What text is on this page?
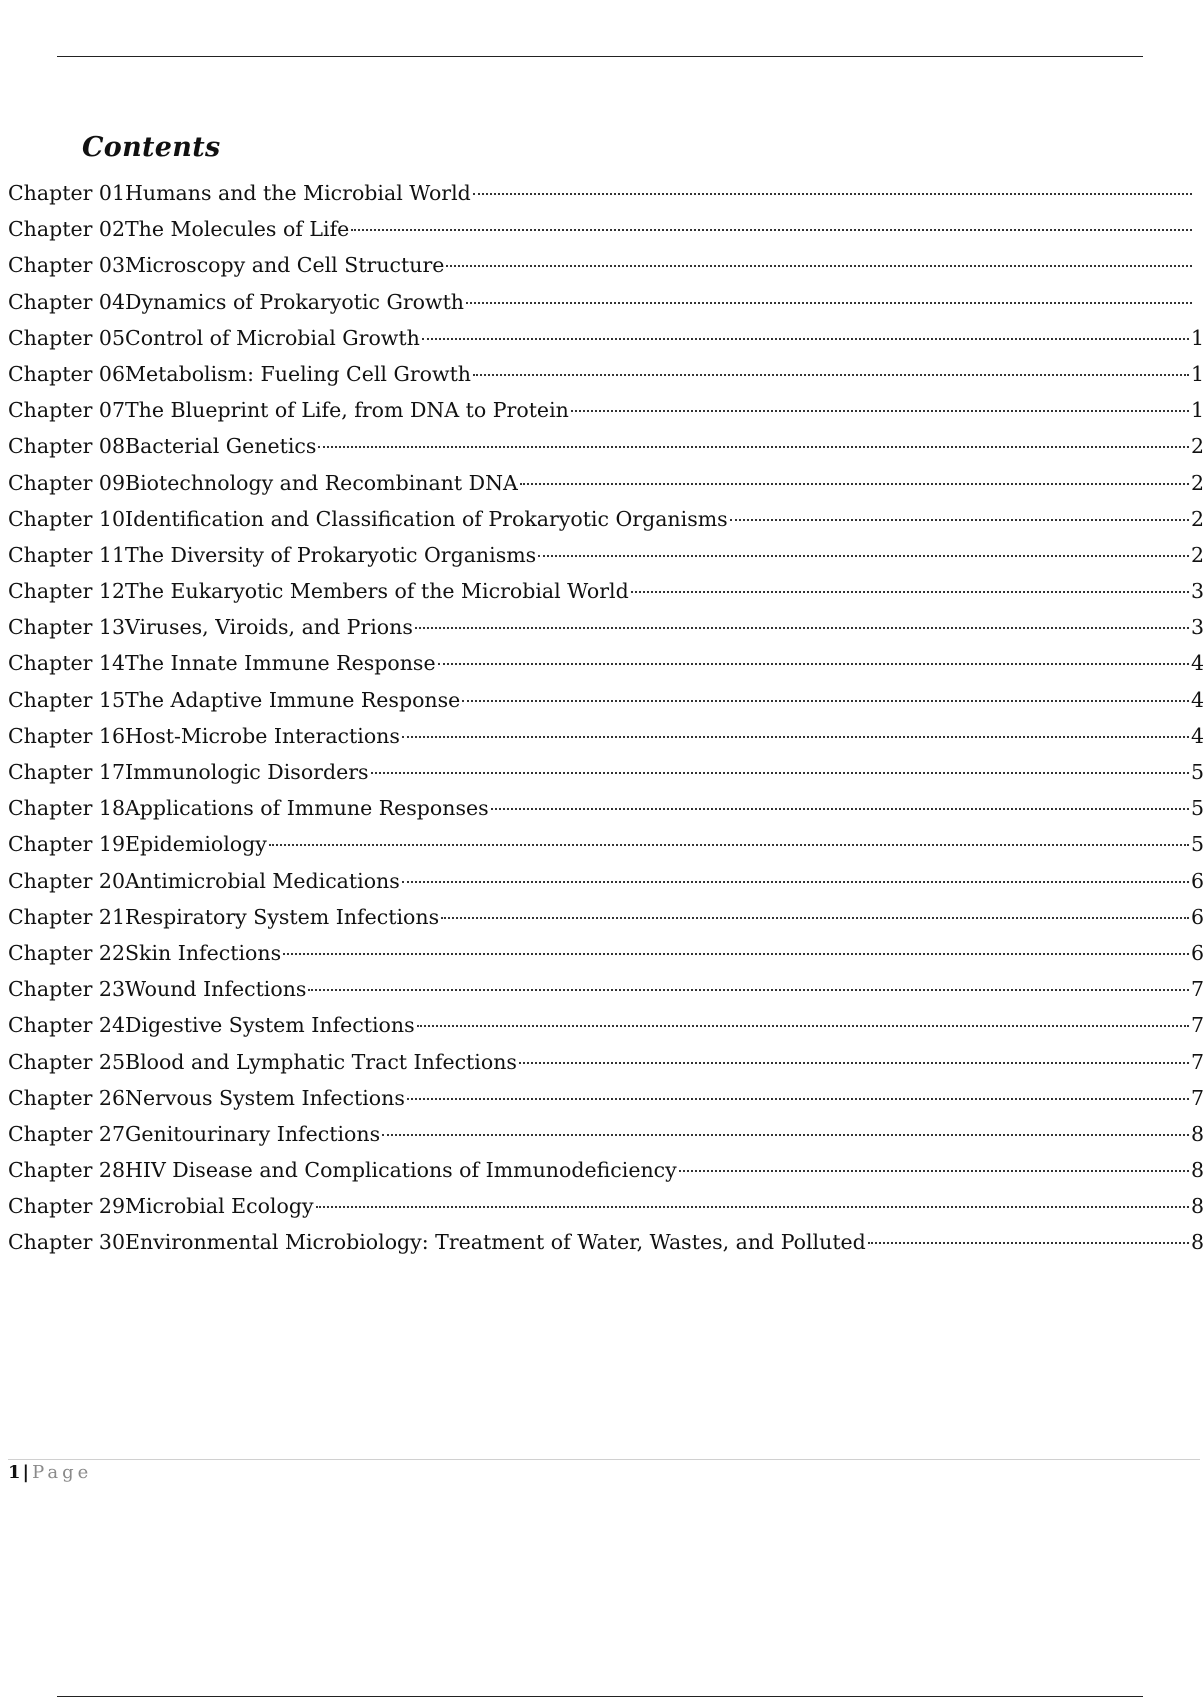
Contents
Chapter 01Humans and the Microbial World
Chapter 02The Molecules of Life
Chapter 03Microscopy and Cell Structure
Chapter 04Dynamics of Prokaryotic Growth
Chapter 05Control of Microbial Growth	1
Chapter 06Metabolism: Fueling Cell Growth	1
Chapter 07The Blueprint of Life, from DNA to Protein	1
Chapter 08Bacterial Genetics	2
Chapter 09Biotechnology and Recombinant DNA	2
Chapter 10Identification and Classification of Prokaryotic Organisms	2
Chapter 11The Diversity of Prokaryotic Organisms	2
Chapter 12The Eukaryotic Members of the Microbial World	3
Chapter 13Viruses, Viroids, and Prions	3
Chapter 14The Innate Immune Response	4
Chapter 15The Adaptive Immune Response	4
Chapter 16Host-Microbe Interactions	4
Chapter 17Immunologic Disorders	5
Chapter 18Applications of Immune Responses	5
Chapter 19Epidemiology	5
Chapter 20Antimicrobial Medications	6
Chapter 21Respiratory System Infections	6
Chapter 22Skin Infections	6
Chapter 23Wound Infections	7
Chapter 24Digestive System Infections	7
Chapter 25Blood and Lymphatic Tract Infections	7
Chapter 26Nervous System Infections	7
Chapter 27Genitourinary Infections	8
Chapter 28HIV Disease and Complications of Immunodeficiency	8
Chapter 29Microbial Ecology	8
Chapter 30Environmental Microbiology: Treatment of Water, Wastes, and Polluted	8
1 | Page
